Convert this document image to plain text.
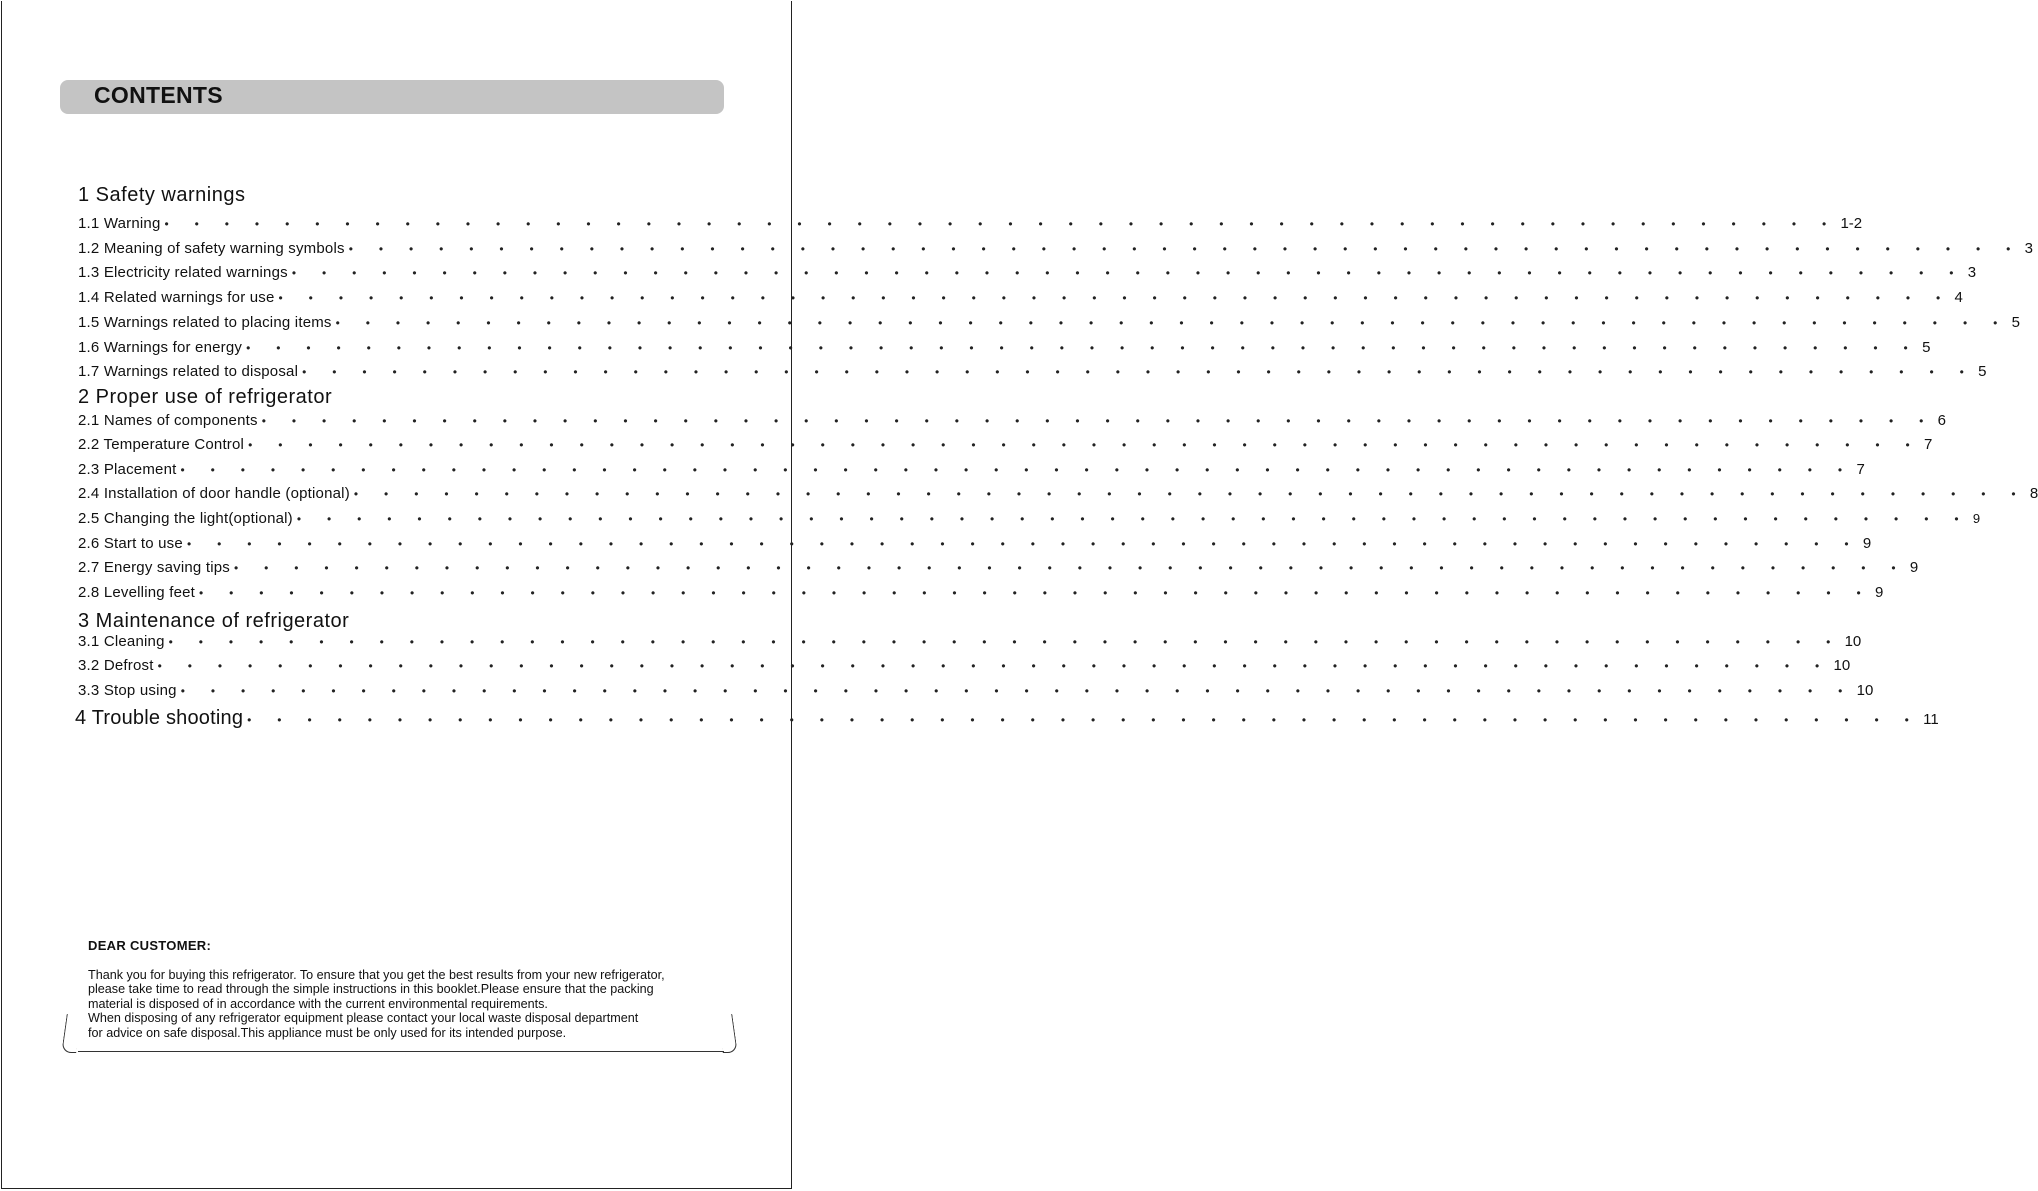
CONTENTS
1 Safety warnings
1.1 Warning • • • • • • • • • • • • • • • • • • • • • • • • • • • • • • • • • • • • • • • • • • • • • • • • • • • • • • • • 1-2
1.2 Meaning of safety warning symbols • • • • • • • • • • • • • • • • • • • • • • • • • • • • • • • • • • • • • • • • • • • • • • • • • • • • • • • • 3
1.3 Electricity related warnings • • • • • • • • • • • • • • • • • • • • • • • • • • • • • • • • • • • • • • • • • • • • • • • • • • • • • • • • 3
1.4 Related warnings for use • • • • • • • • • • • • • • • • • • • • • • • • • • • • • • • • • • • • • • • • • • • • • • • • • • • • • • • • 4
1.5 Warnings related to placing items • • • • • • • • • • • • • • • • • • • • • • • • • • • • • • • • • • • • • • • • • • • • • • • • • • • • • • • • 5
1.6 Warnings for energy • • • • • • • • • • • • • • • • • • • • • • • • • • • • • • • • • • • • • • • • • • • • • • • • • • • • • • • • 5
1.7 Warnings related to disposal • • • • • • • • • • • • • • • • • • • • • • • • • • • • • • • • • • • • • • • • • • • • • • • • • • • • • • • • 5
2 Proper use of refrigerator
2.1 Names of components • • • • • • • • • • • • • • • • • • • • • • • • • • • • • • • • • • • • • • • • • • • • • • • • • • • • • • • • 6
2.2 Temperature Control • • • • • • • • • • • • • • • • • • • • • • • • • • • • • • • • • • • • • • • • • • • • • • • • • • • • • • • • 7
2.3 Placement • • • • • • • • • • • • • • • • • • • • • • • • • • • • • • • • • • • • • • • • • • • • • • • • • • • • • • • • 7
2.4 Installation of door handle (optional) • • • • • • • • • • • • • • • • • • • • • • • • • • • • • • • • • • • • • • • • • • • • • • • • • • • • • • • • 8
2.5 Changing the light(optional) • • • • • • • • • • • • • • • • • • • • • • • • • • • • • • • • • • • • • • • • • • • • • • • • • • • • • • • • 9
2.6 Start to use • • • • • • • • • • • • • • • • • • • • • • • • • • • • • • • • • • • • • • • • • • • • • • • • • • • • • • • • 9
2.7 Energy saving tips • • • • • • • • • • • • • • • • • • • • • • • • • • • • • • • • • • • • • • • • • • • • • • • • • • • • • • • • 9
2.8 Levelling feet • • • • • • • • • • • • • • • • • • • • • • • • • • • • • • • • • • • • • • • • • • • • • • • • • • • • • • • • 9
3 Maintenance of refrigerator
3.1 Cleaning • • • • • • • • • • • • • • • • • • • • • • • • • • • • • • • • • • • • • • • • • • • • • • • • • • • • • • • • 10
3.2 Defrost • • • • • • • • • • • • • • • • • • • • • • • • • • • • • • • • • • • • • • • • • • • • • • • • • • • • • • • • 10
3.3 Stop using • • • • • • • • • • • • • • • • • • • • • • • • • • • • • • • • • • • • • • • • • • • • • • • • • • • • • • • • 10
4 Trouble shooting • • • • • • • • • • • • • • • • • • • • • • • • • • • • • • • • • • • • • • • • • • • • • • • • • • • • • • • • 11
DEAR CUSTOMER:
Thank you for buying this refrigerator. To ensure that you get the best results from your new refrigerator,
please take time to read through the simple instructions in this booklet.Please ensure that the packing
material is disposed of in accordance with the current environmental requirements.
When disposing of any refrigerator equipment please contact your local waste disposal department
for advice on safe disposal.This appliance must be only used for its intended purpose.
